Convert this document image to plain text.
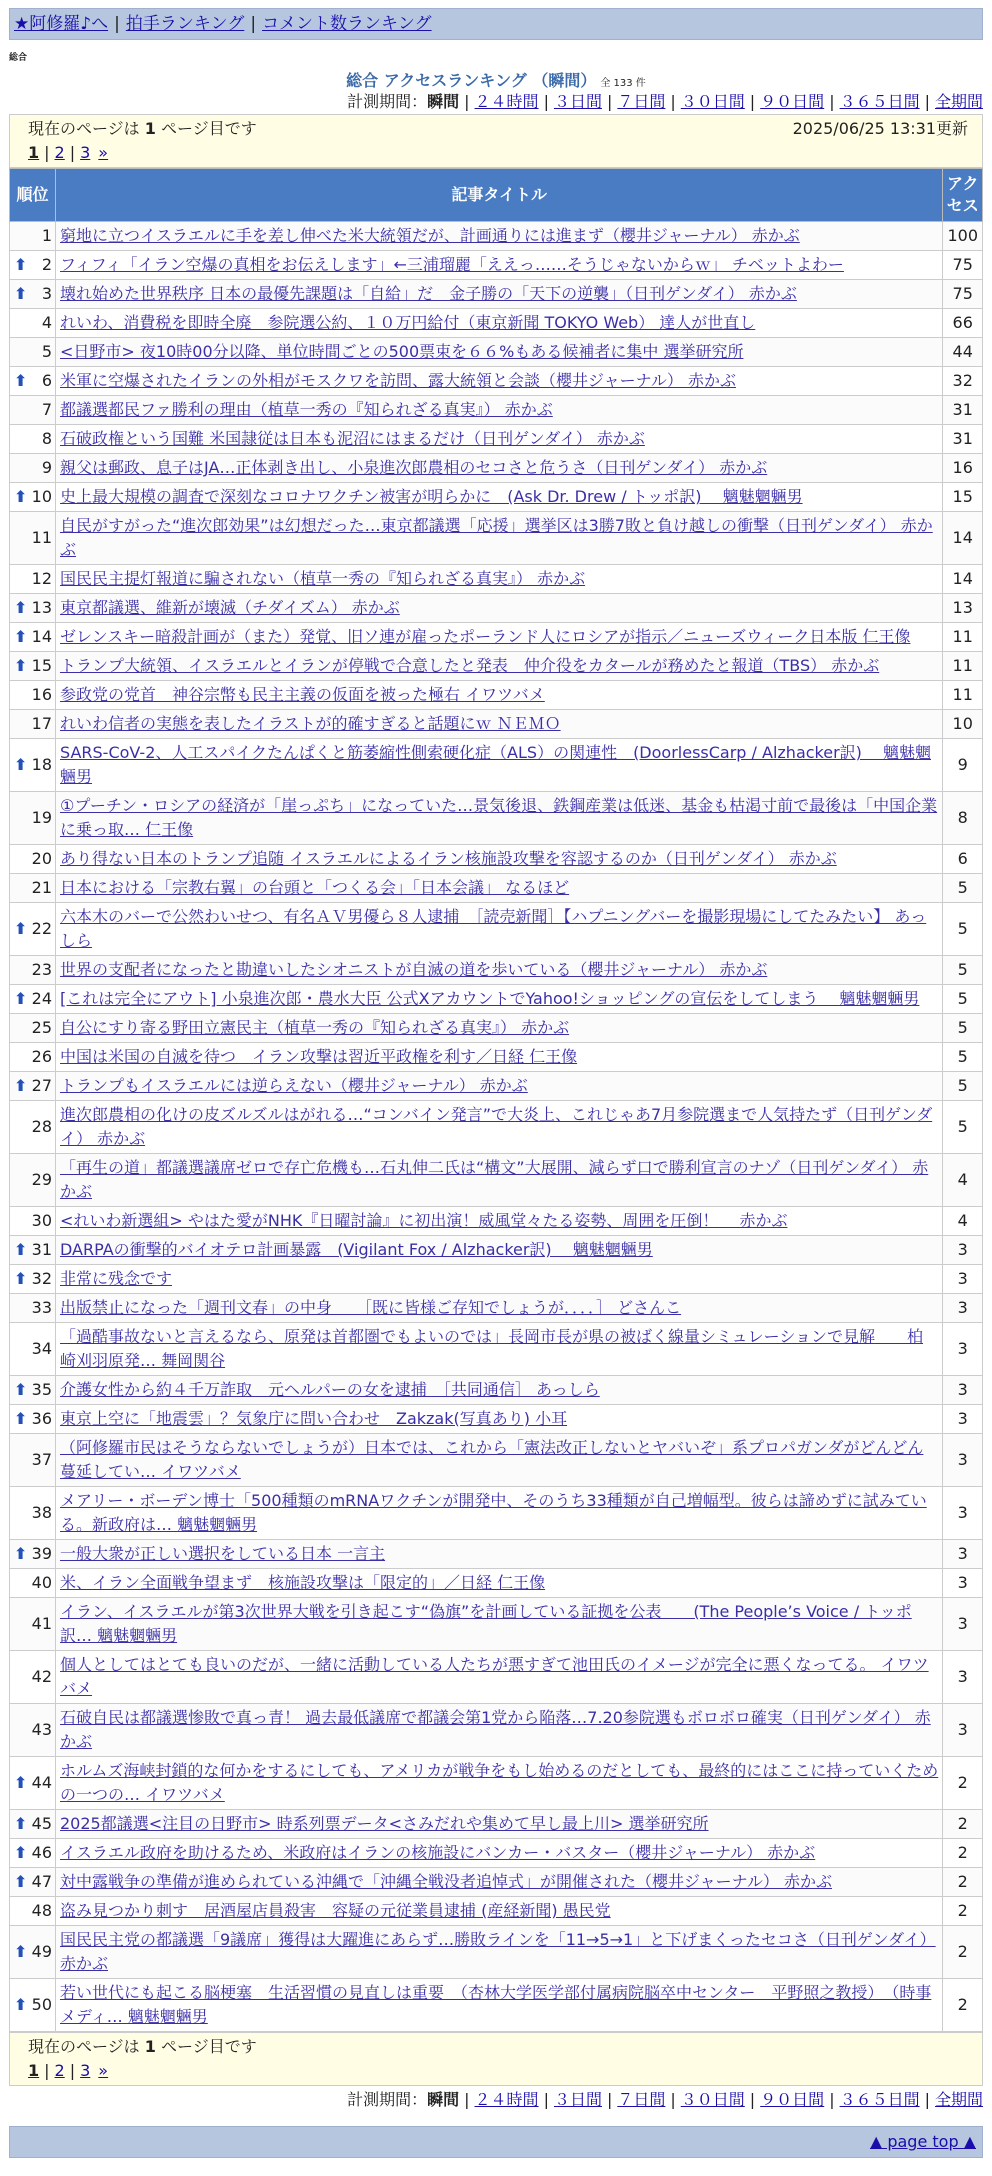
★阿修羅♪へ | 拍手ランキング | コメント数ランキング
総合
総合 アクセスランキング （瞬間） 全 133 件
計測期間：瞬間 | ２４時間 | ３日間 | ７日間 | ３０日間 | ９０日間 | ３６５日間 | 全期間
現在のページは 1 ページ目です	2025/06/25 13:31更新
1 | 2 | 3 »
順位	記事タイトル	アクセス
1	窮地に立つイスラエルに手を差し伸べた米大統領だが、計画通りには進まず（櫻井ジャーナル） 赤かぶ	100

⬆ 2	フィフィ「イラン空爆の真相をお伝えします」←三浦瑠麗「ええっ……そうじゃないからｗ」 チベットよわー	75

⬆ 3	壊れ始めた世界秩序 日本の最優先課題は「自給」だ　金子勝の「天下の逆襲」（日刊ゲンダイ） 赤かぶ	75
4	れいわ、消費税を即時全廃　参院選公約、１０万円給付（東京新聞 TOKYO Web） 達人が世直し	66
5	<日野市> 夜10時00分以降、単位時間ごとの500票束を６６%もある候補者に集中 選挙研究所	44

⬆ 6	米軍に空爆されたイランの外相がモスクワを訪問、露大統領と会談（櫻井ジャーナル） 赤かぶ	32
7	都議選都民ファ勝利の理由（植草一秀の『知られざる真実』） 赤かぶ	31
8	石破政権という国難 米国隷従は日本も泥沼にはまるだけ（日刊ゲンダイ） 赤かぶ	31
9	親父は郵政、息子はJA…正体剥き出し、小泉進次郎農相のセコさと危うさ（日刊ゲンダイ） 赤かぶ	16

⬆ 10	史上最大規模の調査で深刻なコロナワクチン被害が明らかに　(Ask Dr. Drew / トッポ訳)　 魑魅魍魎男	15
11	自民がすがった“進次郎効果”は幻想だった…東京都議選「応援」選挙区は3勝7敗と負け越しの衝撃（日刊ゲンダイ） 赤かぶ	14
12	国民民主提灯報道に騙されない（植草一秀の『知られざる真実』） 赤かぶ	14

⬆ 13	東京都議選、維新が壊滅（チダイズム） 赤かぶ	13

⬆ 14	ゼレンスキー暗殺計画が（また）発覚、旧ソ連が雇ったポーランド人にロシアが指示／ニューズウィーク日本版 仁王像	11

⬆ 15	トランプ大統領、イスラエルとイランが停戦で合意したと発表　仲介役をカタールが務めたと報道（TBS） 赤かぶ	11
16	参政党の党首　神谷宗幣も民主主義の仮面を被った極右 イワツバメ	11
17	れいわ信者の実態を表したイラストが的確すぎると話題にｗ ＮＥＭＯ	10

⬆ 18	SARS-CoV-2、人工スパイクたんぱくと筋萎縮性側索硬化症（ALS）の関連性　(DoorlessCarp / Alzhacker訳)　 魑魅魍魎男	9
19	①プーチン・ロシアの経済が「崖っぷち」になっていた…景気後退、鉄鋼産業は低迷、基金も枯渇寸前で最後は「中国企業に乗っ取… 仁王像	8
20	あり得ない日本のトランプ追随 イスラエルによるイラン核施設攻撃を容認するのか（日刊ゲンダイ） 赤かぶ	6
21	日本における「宗教右翼」の台頭と「つくる会」「日本会議」 なるほど	5

⬆ 22	六本木のバーで公然わいせつ、有名ＡＶ男優ら８人逮捕　［読売新聞］【ハプニングバーを撮影現場にしてたみたい】 あっしら	5
23	世界の支配者になったと勘違いしたシオニストが自滅の道を歩いている（櫻井ジャーナル） 赤かぶ	5

⬆ 24	[これは完全にアウト] 小泉進次郎・農水大臣 公式XアカウントでYahoo!ショッピングの宣伝をしてしまう　 魑魅魍魎男	5
25	自公にすり寄る野田立憲民主（植草一秀の『知られざる真実』） 赤かぶ	5
26	中国は米国の自滅を待つ　イラン攻撃は習近平政権を利す／日経 仁王像	5

⬆ 27	トランプもイスラエルには逆らえない（櫻井ジャーナル） 赤かぶ	5
28	進次郎農相の化けの皮ズルズルはがれる…“コンバイン発言”で大炎上、これじゃあ7月参院選まで人気持たず（日刊ゲンダイ） 赤かぶ	5
29	「再生の道」都議選議席ゼロで存亡危機も…石丸伸二氏は“構文”大展開、減らず口で勝利宣言のナゾ（日刊ゲンダイ） 赤かぶ	4
30	<れいわ新選組> やはた愛がNHK『日曜討論』に初出演！威風堂々たる姿勢、周囲を圧倒！　 赤かぶ	4

⬆ 31	DARPAの衝撃的バイオテロ計画暴露　(Vigilant Fox / Alzhacker訳)　 魑魅魍魎男	3

⬆ 32	非常に残念です	3
33	出版禁止になった「週刊文春」の中身　　［既に皆様ご存知でしょうが．．．．］ どさんこ	3
34	「過酷事故ないと言えるなら、原発は首都圏でもよいのでは」長岡市長が県の被ばく線量シミュレーションで見解　　柏崎刈羽原発… 舞岡関谷	3

⬆ 35	介護女性から約４千万詐取　元ヘルパーの女を逮捕　［共同通信］ あっしら	3

⬆ 36	東京上空に「地震雲」？気象庁に問い合わせ　Zakzak(写真あり) 小耳	3
37	（阿修羅市民はそうならないでしょうが）日本では、これから「憲法改正しないとヤバいぞ」系プロパガンダがどんどん蔓延してい… イワツバメ	3
38	メアリー・ボーデン博士「500種類のmRNAワクチンが開発中、そのうち33種類が自己増幅型。彼らは諦めずに試みている。新政府は… 魑魅魍魎男	3

⬆ 39	一般大衆が正しい選択をしている日本 一言主	3
40	米、イラン全面戦争望まず　核施設攻撃は「限定的」／日経 仁王像	3
41	イラン、イスラエルが第3次世界大戦を引き起こす“偽旗”を計画している証拠を公表　　(The People’s Voice / トッポ訳… 魑魅魍魎男	3
42	個人としてはとても良いのだが、一緒に活動している人たちが悪すぎて池田氏のイメージが完全に悪くなってる。 イワツバメ	3
43	石破自民は都議選惨敗で真っ青！ 過去最低議席で都議会第1党から陥落…7.20参院選もボロボロ確実（日刊ゲンダイ） 赤かぶ	3

⬆ 44	ホルムズ海峡封鎖的な何かをするにしても、アメリカが戦争をもし始めるのだとしても、最終的にはここに持っていくための一つの… イワツバメ	2

⬆ 45	2025都議選<注目の日野市> 時系列票データ<さみだれや集めて早し最上川> 選挙研究所	2

⬆ 46	イスラエル政府を助けるため、米政府はイランの核施設にバンカー・バスター（櫻井ジャーナル） 赤かぶ	2

⬆ 47	対中露戦争の準備が進められている沖縄で「沖縄全戦没者追悼式」が開催された（櫻井ジャーナル） 赤かぶ	2
48	盗み見つかり刺す　居酒屋店員殺害　容疑の元従業員逮捕 (産経新聞) 愚民党	2

⬆ 49	国民民主党の都議選「9議席」獲得は大躍進にあらず…勝敗ラインを「11→5→1」と下げまくったセコさ（日刊ゲンダイ） 赤かぶ	2

⬆ 50	若い世代にも起こる脳梗塞　生活習慣の見直しは重要　（杏林大学医学部付属病院脳卒中センター　平野照之教授）　（時事メディ… 魑魅魍魎男	2
現在のページは 1 ページ目です
1 | 2 | 3 »
計測期間：瞬間 | ２４時間 | ３日間 | ７日間 | ３０日間 | ９０日間 | ３６５日間 | 全期間
▲ page top ▲
